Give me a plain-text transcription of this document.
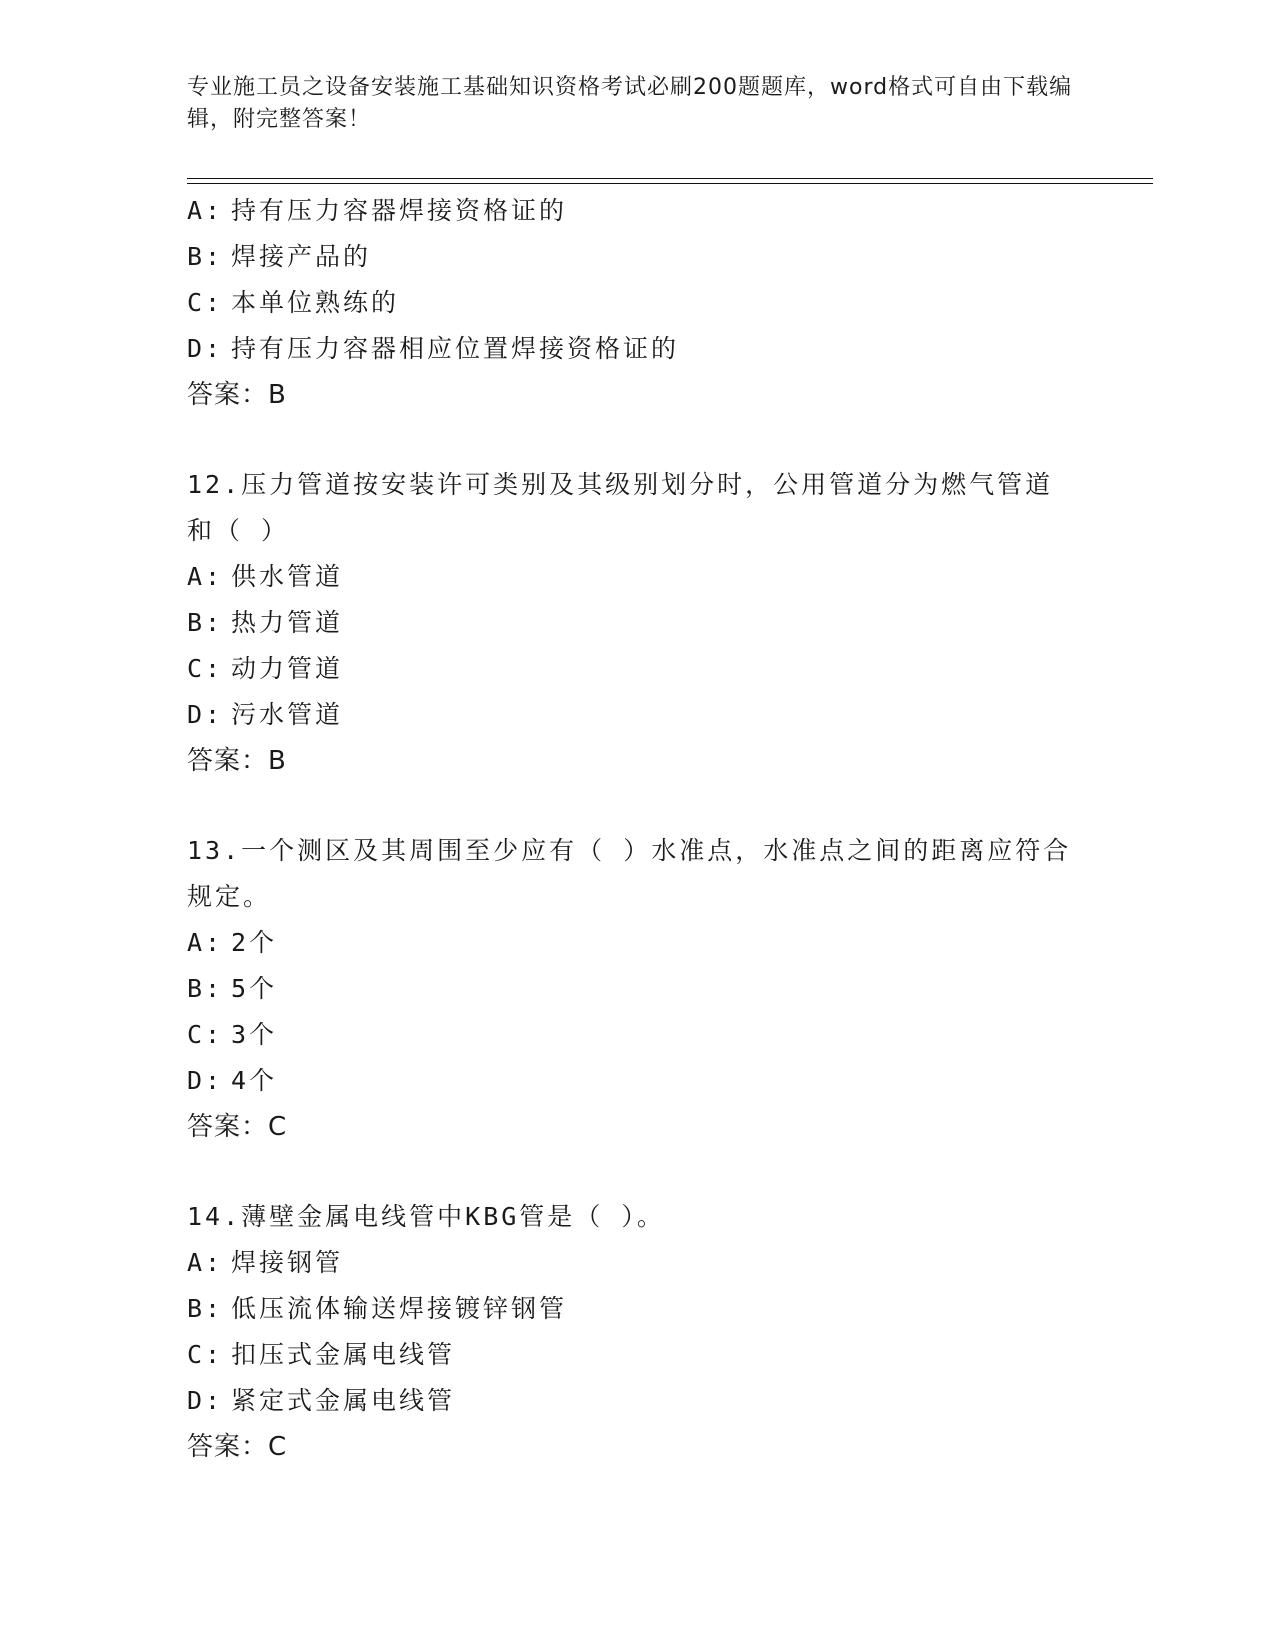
专业施工员之设备安装施工基础知识资格考试必刷200题题库，word格式可自由下载编辑，附完整答案！
A: 持有压力容器焊接资格证的
B: 焊接产品的
C: 本单位熟练的
D: 持有压力容器相应位置焊接资格证的
答案：B
12.压力管道按安装许可类别及其级别划分时，公用管道分为燃气管道和（ ）
A: 供水管道
B: 热力管道
C: 动力管道
D: 污水管道
答案：B
13.一个测区及其周围至少应有（ ）水准点，水准点之间的距离应符合规定。
A: 2个
B: 5个
C: 3个
D: 4个
答案：C
14.薄壁金属电线管中KBG管是（ ）。
A: 焊接钢管
B: 低压流体输送焊接镀锌钢管
C: 扣压式金属电线管
D: 紧定式金属电线管
答案：C
